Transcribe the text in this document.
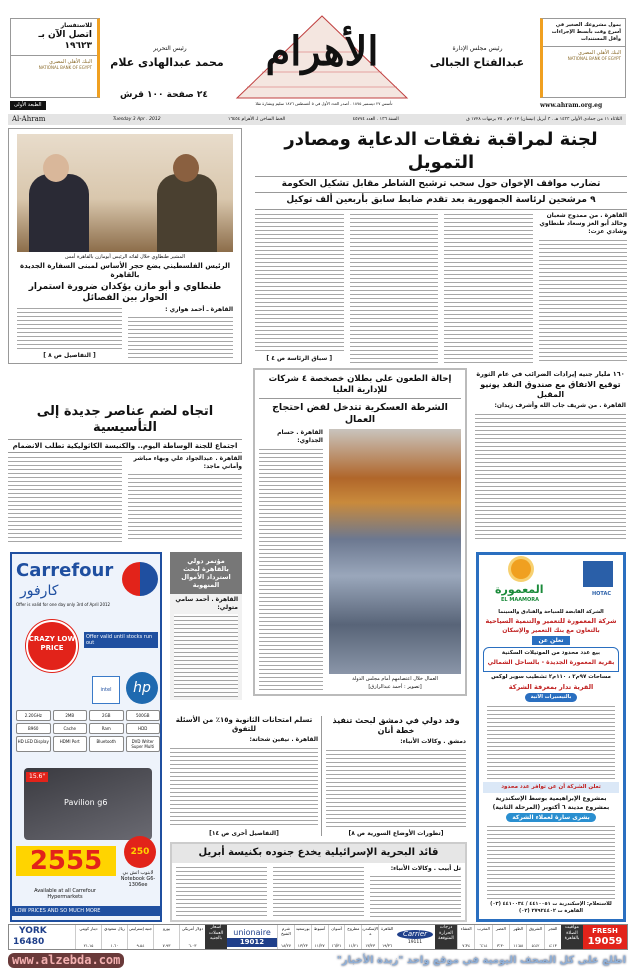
للاستفسار
اتصل الآن بـ ١٩٦٢٣
البنك الأهلي المصري
NATIONAL BANK OF EGYPT
رئيس التحرير
محمد عبدالهادى علام
٢٤ صفحة ١٠٠ قرش
الطبعة الأولى
الأهرام
تأسس ٢٧ ديسمبر ١٨٧٥ . أصدر العدد الأول في ٥ أغسطس ١٨٧٦ سليم وبشارة تقلا
رئيس مجلس الإدارة
عبدالفتاح الجبالى
www.ahram.org.eg
يمول مشروعك الصغير في أسرع وقت بأبسط الإجراءات وأقل المستندات
البنك الأهلي المصري
NATIONAL BANK OF EGYPT
Al-Ahram	Tuesday 3 Apr . 2012	الخط الساخن لـ الأهرام ١٦٤٥٤	السنة ١٣٦ . العدد ٤٥٧٧٤	الثلاثاء ١١ من جمادى الأولى ١٤٣٣ هـ . ٣ أبريل (نيسان) ٢٠١٢م . ٢٥ برمهات ١٧٢٨ ق
لجنة لمراقبة نفقات الدعاية ومصادر التمويل
تضارب مواقف الإخوان حول سحب ترشيح الشاطر مقابل تشكيل الحكومة
٩ مرشحين لرئاسة الجمهورية بعد تقدم ضابط سابق بأربعين ألف توكيل
القاهرة . من ممدوح شعبان وخالد أبو العز وسعاد طنطاوي وشادي عزت:
[ سباق الرئاسة ص ٤ ]
المشير طنطاوي خلال لقائه الرئيس أبومازن بالقاهرة أمس
الرئيس الفلسطيني يضع حجر الأساس لمبنى السفارة الجديدة بالقاهرة
طنطاوي و أبو مازن يؤكدان ضرورة استمرار الحوار بين الفصائل
القاهرة ـ أحمد هواري :
[ التفاصيل ص ٨ ]
اتجاه لضم عناصر جديدة إلى التأسيسية
اجتماع للجنة الوساطة اليوم.. والكنيسة الكاثوليكية تطلب الانضمام
القاهرة . عبدالجواد علي وبهاء مباشر وأماني ماجد:
إحالة الطعون على بطلان خصخصة ٤ شركات للإدارية العليا
الشرطة العسكرية تتدخل لفض احتجاج العمال
العمال خلال اعتصامهم أمام مجلس الدولة
[تصوير : أحمد عبدالرازق]
القاهرة . حسام الجداوي:
١٦٠ مليار جنيه إيرادات الضرائب في عام الثورة
توقيع الاتفاق مع صندوق النقد يونيو المقبل
القاهرة . من شريف جاب الله وأشرف زيدان:
Carrefour
كارفور
Offer is valid for one day only 3rd of April 2012
CRAZY LOW PRICE
Offer valid until stocks run out
intel	hp
2.20GHz	2MB	2GB	500GB
B960	Cache	Ram	HDD
HD LED Display	HDMI Port	Bluetooth	DVD Writer Super Multi
Pavilion g6
15.6"
250
2555	لابتوب اتش بي Notebook G6-1306ee
Available at all Carrefour Hypermarkets
LOW PRICES AND SO MUCH MORE
مؤتمر دولي بالقاهرة لبحث استرداد الأموال المنهوبة
القاهرة . أحمد سامي متولي:
تسلم امتحانات الثانوية و١٥٪ من الأسئلة للتفوق
القاهرة . نيفين شحاتة:
[التفاصيل أخرى ص ١٤]
وفد دولي في دمشق لبحث تنفيذ خطة أنان
دمشق . وكالات الأنباء:
[تطورات الأوضاع السورية ص ٨]
قائد البحرية الإسرائيلية يخدع جنوده بكنيسة أبريل
تل أبيب . وكالات الأنباء:
HOTAC
المعمورة
EL MAAMORA
الشركة القابضة للسياحة والفنادق والسينما
شركة المعمورة للتعمير والتنمية السياحية
بالتعاون مع بنك التعمير والإسكان
تعلن عن
بيع عدد محدود من الموتيلات السكنية
بقرية المعمورة الجديدة - بالساحل الشمالي
مساحات ٩٧م٢ ، ١١٠م٢ تشطيب سوبر لوكس
القرية تدار بمعرفة الشركة
بالتيسيرات الآتية
تعلن الشركة أن عن توافر عدد محدود
بمشروع الإبراهيمية بوسط الإسكندرية
بمشروع مدينة ٦ أكتوبر (المرحلة الثانية)
بشرى سارة لعملاء الشركة
للاستعلام: الإسكندرية ت ٤٤١٠٠٥١ / ٤٤١٠٠٣٤ (٠٣) القاهرة ت ٢٧٩٢٤٤٠٢ (٠٢)
YORK
16480
دولار أمريكي
٦.٠٣
يورو
٧.٩٣
جنيه إسترليني
٩.٥٤
ريال سعودي
١.٦٠
دينار كويتي
٢١.١٥
أسعار العملات بالجنيه
unionaire
19012
القاهرة
١٩/٣٦
الإسكندرية
١٣/٢٣
مطروح
١١/٢١
أسوان
١٦/٣١
أسيوط
١١/٣٧
بورسعيد
١٣/٢٣
شرم الشيخ
١٨/٢٧
Carrier
19111
درجات الحرارة المتوقعة
الفجر
٤:١٣
الشروق
٥:٤٢
الظهر
١١:٥٨
العصر
٣:٣٠
المغرب
٦:١٤
العشاء
٧:٣٤
مواقيت الصلاة بالقاهرة
FRESH
19059
www.alzebda.com	اطلع على كل الصحف اليومية في موقع واحد "زبدة الأخبار"
